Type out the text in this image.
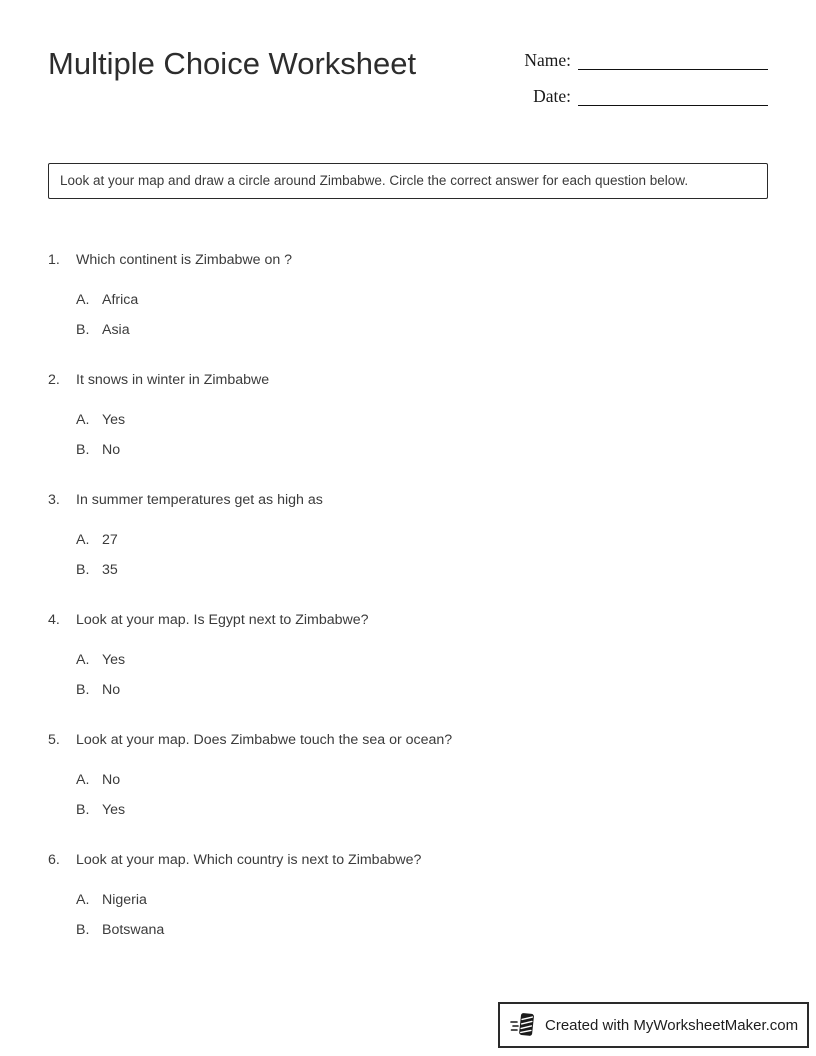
Multiple Choice Worksheet	Name:
Date:

Look at your map and draw a circle around Zimbabwe. Circle the correct answer for each question below.

1.	Which continent is Zimbabwe on ?
A. Africa
B. Asia
2.	It snows in winter in Zimbabwe
A. Yes
B. No
3.	In summer temperatures get as high as
A. 27
B. 35
4.	Look at your map. Is Egypt next to Zimbabwe?
A. Yes
B. No
5.	Look at your map. Does Zimbabwe touch the sea or ocean?
A. No
B. Yes
6.	Look at your map. Which country is next to Zimbabwe?
A. Nigeria
B. Botswana
Created with MyWorksheetMaker.com
